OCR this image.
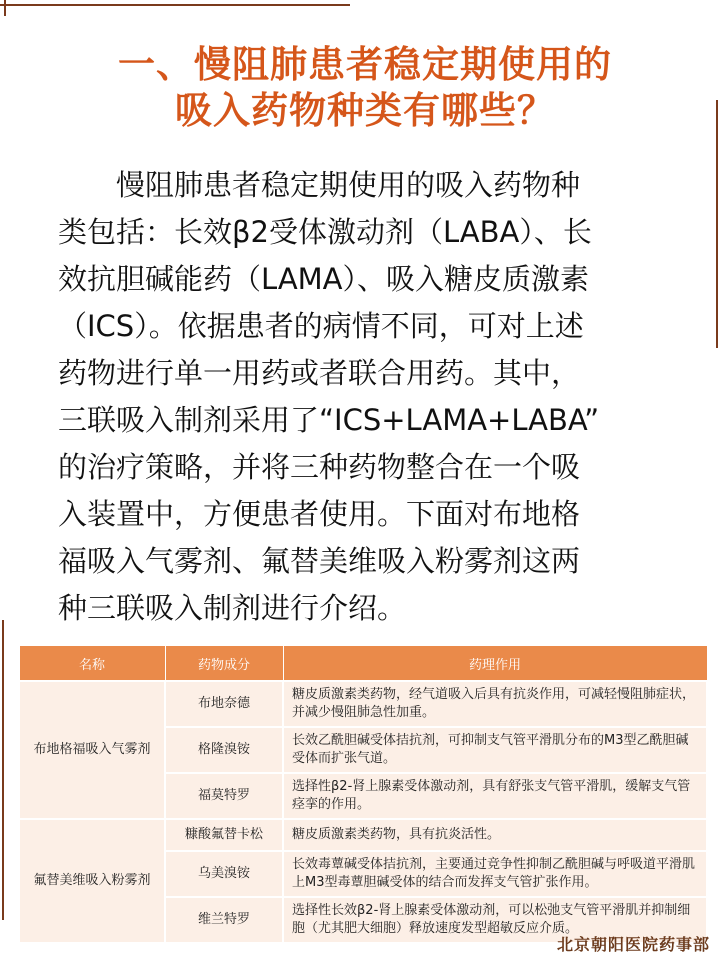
一、慢阻肺患者稳定期使用的
吸入药物种类有哪些？
　　慢阻肺患者稳定期使用的吸入药物种
类包括：长效β2受体激动剂（LABA）、长
效抗胆碱能药（LAMA）、吸入糖皮质激素
（ICS）。依据患者的病情不同，可对上述
药物进行单一用药或者联合用药。其中，
三联吸入制剂采用了“ICS+LAMA+LABA”
的治疗策略，并将三种药物整合在一个吸
入装置中，方便患者使用。下面对布地格
福吸入气雾剂、氟替美维吸入粉雾剂这两
种三联吸入制剂进行介绍。
名称	药物成分	药理作用
布地格福吸入气雾剂	布地奈德	糖皮质激素类药物，经气道吸入后具有抗炎作用，可减轻慢阻肺症状，并减少慢阻肺急性加重。
	格隆溴铵	长效乙酰胆碱受体拮抗剂，可抑制支气管平滑肌分布的M3型乙酰胆碱受体而扩张气道。
	福莫特罗	选择性β2-肾上腺素受体激动剂，具有舒张支气管平滑肌，缓解支气管痉挛的作用。
氟替美维吸入粉雾剂	糠酸氟替卡松	糖皮质激素类药物，具有抗炎活性。
	乌美溴铵	长效毒蕈碱受体拮抗剂，主要通过竞争性抑制乙酰胆碱与呼吸道平滑肌上M3型毒蕈胆碱受体的结合而发挥支气管扩张作用。
	维兰特罗	选择性长效β2-肾上腺素受体激动剂，可以松弛支气管平滑肌并抑制细胞（尤其肥大细胞）释放速度发型超敏反应介质。
北京朝阳医院药事部
